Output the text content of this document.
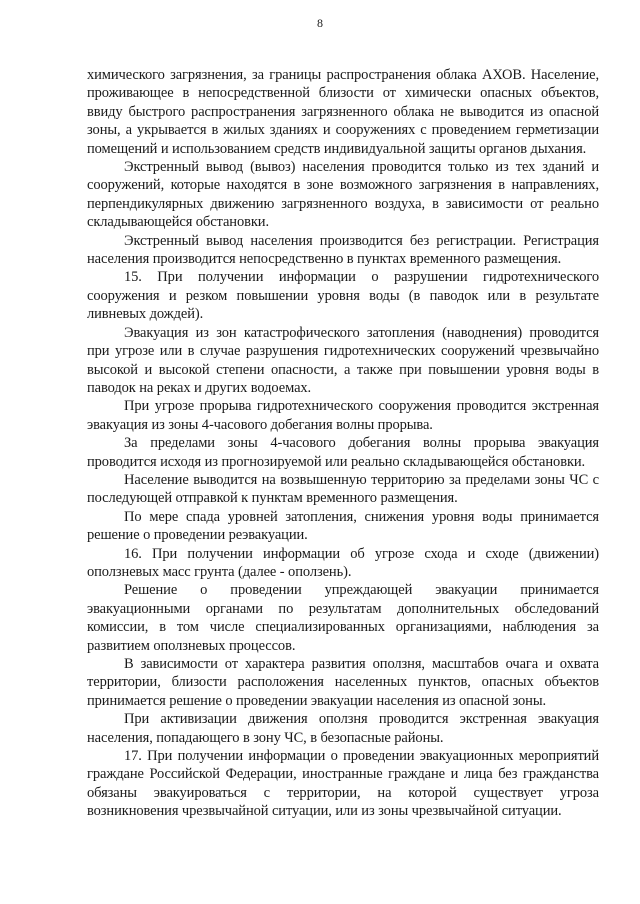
8

химического загрязнения, за границы распространения облака АХОВ. Население, проживающее в непосредственной близости от химически опасных объектов, ввиду быстрого распространения загрязненного облака не выводится из опасной зоны, а укрывается в жилых зданиях и сооружениях с проведением герметизации помещений и использованием средств индивидуальной защиты органов дыхания.

Экстренный вывод (вывоз) населения проводится только из тех зданий и сооружений, которые находятся в зоне возможного загрязнения в направлениях, перпендикулярных движению загрязненного воздуха, в зависимости от реально складывающейся обстановки.

Экстренный вывод населения производится без регистрации. Регистрация населения производится непосредственно в пунктах временного размещения.

15. При получении информации о разрушении гидротехнического сооружения и резком повышении уровня воды (в паводок или в результате ливневых дождей).

Эвакуация из зон катастрофического затопления (наводнения) проводится при угрозе или в случае разрушения гидротехнических сооружений чрезвычайно высокой и высокой степени опасности, а также при повышении уровня воды в паводок на реках и других водоемах.

При угрозе прорыва гидротехнического сооружения проводится экстренная эвакуация из зоны 4-часового добегания волны прорыва.

За пределами зоны 4-часового добегания волны прорыва эвакуация проводится исходя из прогнозируемой или реально складывающейся обстановки.

Население выводится на возвышенную территорию за пределами зоны ЧС с последующей отправкой к пунктам временного размещения.

По мере спада уровней затопления, снижения уровня воды принимается решение о проведении реэвакуации.

16. При получении информации об угрозе схода и сходе (движении) оползневых масс грунта (далее - оползень).

Решение о проведении упреждающей эвакуации принимается эвакуационными органами по результатам дополнительных обследований комиссии, в том числе специализированных организациями, наблюдения за развитием оползневых процессов.

В зависимости от характера развития оползня, масштабов очага и охвата территории, близости расположения населенных пунктов, опасных объектов принимается решение о проведении эвакуации населения из опасной зоны.

При активизации движения оползня проводится экстренная эвакуация населения, попадающего в зону ЧС, в безопасные районы.

17. При получении информации о проведении эвакуационных мероприятий граждане Российской Федерации, иностранные граждане и лица без гражданства обязаны эвакуироваться с территории, на которой существует угроза возникновения чрезвычайной ситуации, или из зоны чрезвычайной ситуации.
